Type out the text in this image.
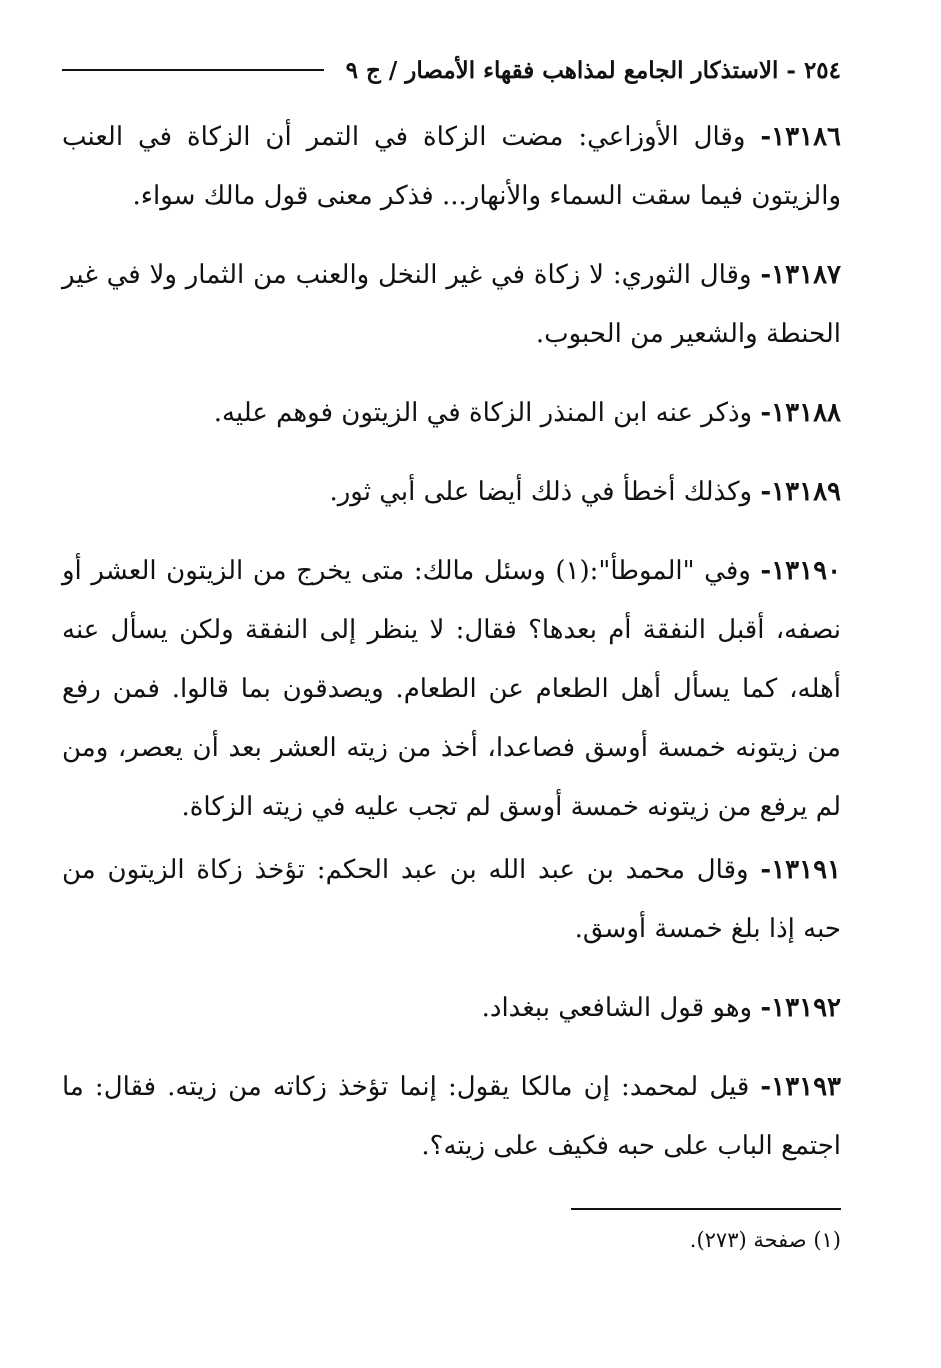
٢٥٤ - الاستذكار الجامع لمذاهب فقهاء الأمصار / ج ٩

١٣١٨٦- وقال الأوزاعي: مضت الزكاة في التمر أن الزكاة في العنب والزيتون فيما سقت السماء والأنهار... فذكر معنى قول مالك سواء.

١٣١٨٧- وقال الثوري: لا زكاة في غير النخل والعنب من الثمار ولا في غير الحنطة والشعير من الحبوب.

١٣١٨٨- وذكر عنه ابن المنذر الزكاة في الزيتون فوهم عليه.

١٣١٨٩- وكذلك أخطأ في ذلك أيضا على أبي ثور.

١٣١٩٠- وفي "الموطأ":(١) وسئل مالك: متى يخرج من الزيتون العشر أو نصفه، أقبل النفقة أم بعدها؟ فقال: لا ينظر إلى النفقة ولكن يسأل عنه أهله، كما يسأل أهل الطعام عن الطعام. ويصدقون بما قالوا. فمن رفع من زيتونه خمسة أوسق فصاعدا، أخذ من زيته العشر بعد أن يعصر، ومن لم يرفع من زيتونه خمسة أوسق لم تجب عليه في زيته الزكاة.

١٣١٩١- وقال محمد بن عبد الله بن عبد الحكم: تؤخذ زكاة الزيتون من حبه إذا بلغ خمسة أوسق.

١٣١٩٢- وهو قول الشافعي ببغداد.

١٣١٩٣- قيل لمحمد: إن مالكا يقول: إنما تؤخذ زكاته من زيته. فقال: ما اجتمع الباب على حبه فكيف على زيته؟.

(١) صفحة (٢٧٣).
